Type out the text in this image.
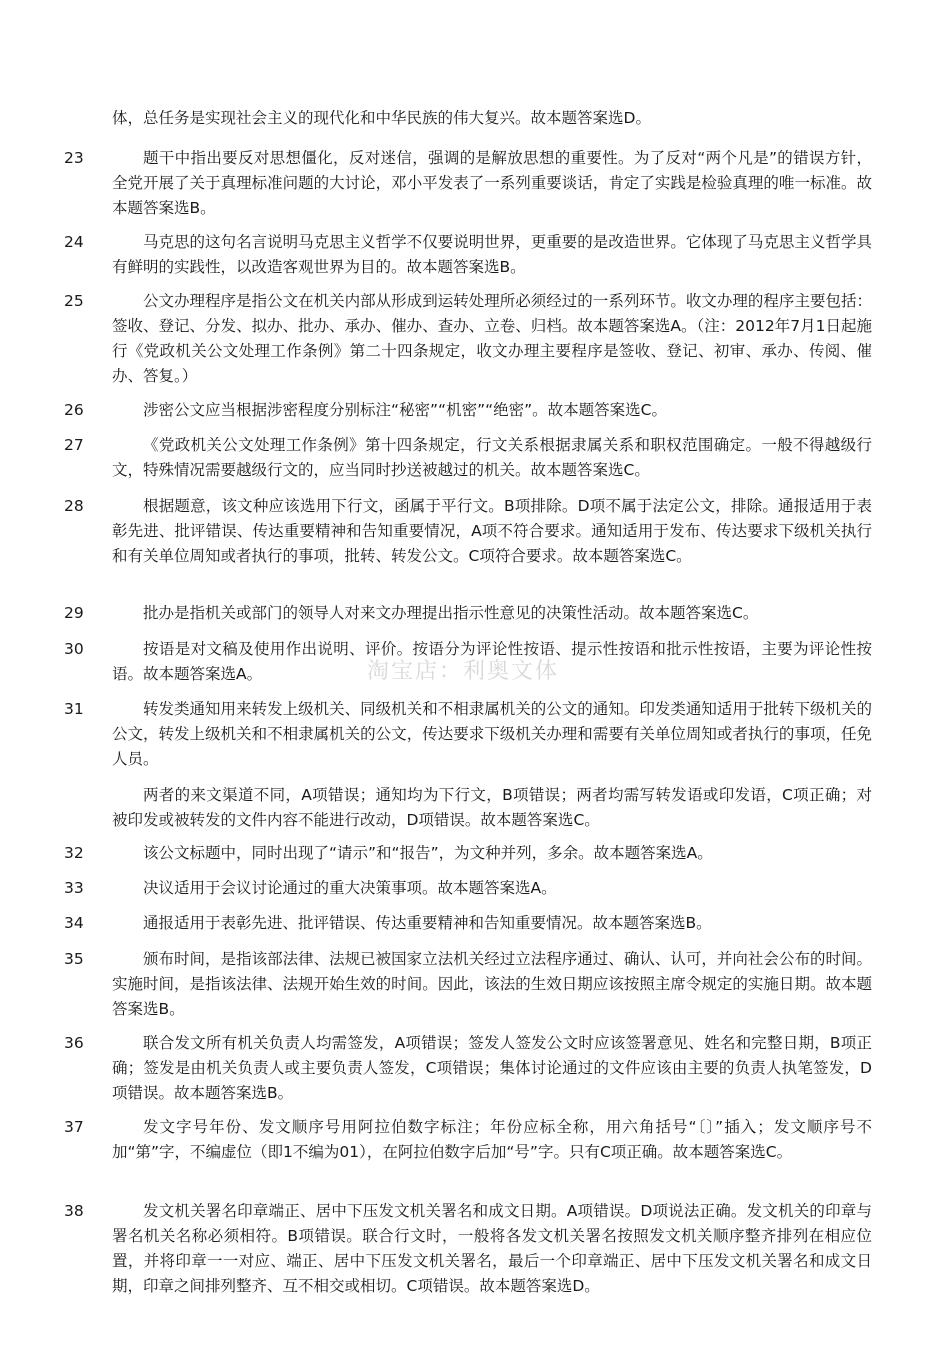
体，总任务是实现社会主义的现代化和中华民族的伟大复兴。故本题答案选D。
淘宝店：利奥文体
23	题干中指出要反对思想僵化，反对迷信，强调的是解放思想的重要性。为了反对“两个凡是”的错误方针，全党开展了关于真理标准问题的大讨论，邓小平发表了一系列重要谈话，肯定了实践是检验真理的唯一标准。故本题答案选B。

24	马克思的这句名言说明马克思主义哲学不仅要说明世界，更重要的是改造世界。它体现了马克思主义哲学具有鲜明的实践性，以改造客观世界为目的。故本题答案选B。

25	公文办理程序是指公文在机关内部从形成到运转处理所必须经过的一系列环节。收文办理的程序主要包括：签收、登记、分发、拟办、批办、承办、催办、查办、立卷、归档。故本题答案选A。（注：2012年7月1日起施行《党政机关公文处理工作条例》第二十四条规定，收文办理主要程序是签收、登记、初审、承办、传阅、催办、答复。）

26	涉密公文应当根据涉密程度分别标注“秘密”“机密”“绝密”。故本题答案选C。

27	《党政机关公文处理工作条例》第十四条规定，行文关系根据隶属关系和职权范围确定。一般不得越级行文，特殊情况需要越级行文的，应当同时抄送被越过的机关。故本题答案选C。

28	根据题意，该文种应该选用下行文，函属于平行文。B项排除。D项不属于法定公文，排除。通报适用于表彰先进、批评错误、传达重要精神和告知重要情况，A项不符合要求。通知适用于发布、传达要求下级机关执行和有关单位周知或者执行的事项，批转、转发公文。C项符合要求。故本题答案选C。

29	批办是指机关或部门的领导人对来文办理提出指示性意见的决策性活动。故本题答案选C。

30	按语是对文稿及使用作出说明、评价。按语分为评论性按语、提示性按语和批示性按语，主要为评论性按语。故本题答案选A。

31	转发类通知用来转发上级机关、同级机关和不相隶属机关的公文的通知。印发类通知适用于批转下级机关的公文，转发上级机关和不相隶属机关的公文，传达要求下级机关办理和需要有关单位周知或者执行的事项，任免人员。

两者的来文渠道不同，A项错误；通知均为下行文，B项错误；两者均需写转发语或印发语，C项正确；对被印发或被转发的文件内容不能进行改动，D项错误。故本题答案选C。

32	该公文标题中，同时出现了“请示”和“报告”，为文种并列，多余。故本题答案选A。

33	决议适用于会议讨论通过的重大决策事项。故本题答案选A。

34	通报适用于表彰先进、批评错误、传达重要精神和告知重要情况。故本题答案选B。

35	颁布时间，是指该部法律、法规已被国家立法机关经过立法程序通过、确认、认可，并向社会公布的时间。实施时间，是指该法律、法规开始生效的时间。因此，该法的生效日期应该按照主席令规定的实施日期。故本题答案选B。

36	联合发文所有机关负责人均需签发，A项错误；签发人签发公文时应该签署意见、姓名和完整日期，B项正确；签发是由机关负责人或主要负责人签发，C项错误；集体讨论通过的文件应该由主要的负责人执笔签发，D项错误。故本题答案选B。

37	发文字号年份、发文顺序号用阿拉伯数字标注；年份应标全称，用六角括号“〔〕”插入；发文顺序号不加“第”字，不编虚位（即1不编为01），在阿拉伯数字后加“号”字。只有C项正确。故本题答案选C。

38	发文机关署名印章端正、居中下压发文机关署名和成文日期。A项错误。D项说法正确。发文机关的印章与署名机关名称必须相符。B项错误。联合行文时，一般将各发文机关署名按照发文机关顺序整齐排列在相应位置，并将印章一一对应、端正、居中下压发文机关署名，最后一个印章端正、居中下压发文机关署名和成文日期，印章之间排列整齐、互不相交或相切。C项错误。故本题答案选D。
